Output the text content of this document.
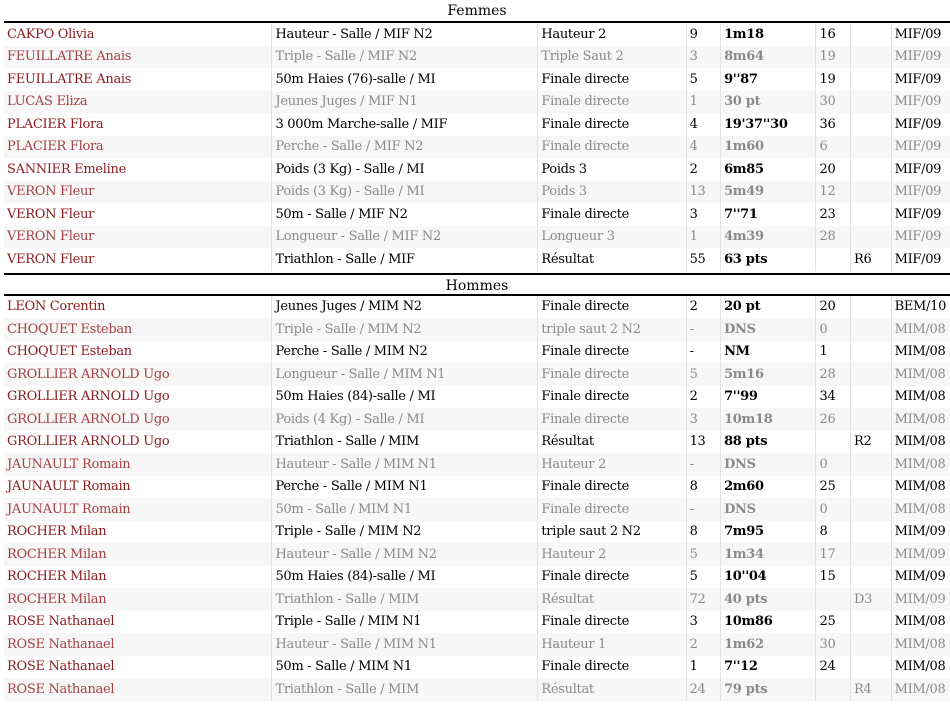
Femmes
CAKPO Olivia	Hauteur - Salle / MIF N2	Hauteur 2	9	1m18	16		MIF/09
FEUILLATRE Anais	Triple - Salle / MIF N2	Triple Saut 2	3	8m64	19		MIF/09
FEUILLATRE Anais	50m Haies (76)-salle / MI	Finale directe	5	9''87	19		MIF/09
LUCAS Eliza	Jeunes Juges / MIF N1	Finale directe	1	30 pt	30		MIF/09
PLACIER Flora	3 000m Marche-salle / MIF	Finale directe	4	19'37''30	36		MIF/09
PLACIER Flora	Perche - Salle / MIF N2	Finale directe	4	1m60	6		MIF/09
SANNIER Emeline	Poids (3 Kg) - Salle / MI	Poids 3	2	6m85	20		MIF/09
VERON Fleur	Poids (3 Kg) - Salle / MI	Poids 3	13	5m49	12		MIF/09
VERON Fleur	50m - Salle / MIF N2	Finale directe	3	7''71	23		MIF/09
VERON Fleur	Longueur - Salle / MIF N2	Longueur 3	1	4m39	28		MIF/09
VERON Fleur	Triathlon - Salle / MIF	Résultat	55	63 pts		R6	MIF/09
Hommes
LEON Corentin	Jeunes Juges / MIM N2	Finale directe	2	20 pt	20		BEM/10
CHOQUET Esteban	Triple - Salle / MIM N2	triple saut 2 N2	-	DNS	0		MIM/08
CHOQUET Esteban	Perche - Salle / MIM N2	Finale directe	-	NM	1		MIM/08
GROLLIER ARNOLD Ugo	Longueur - Salle / MIM N1	Finale directe	5	5m16	28		MIM/08
GROLLIER ARNOLD Ugo	50m Haies (84)-salle / MI	Finale directe	2	7''99	34		MIM/08
GROLLIER ARNOLD Ugo	Poids (4 Kg) - Salle / MI	Finale directe	3	10m18	26		MIM/08
GROLLIER ARNOLD Ugo	Triathlon - Salle / MIM	Résultat	13	88 pts		R2	MIM/08
JAUNAULT Romain	Hauteur - Salle / MIM N1	Hauteur 2	-	DNS	0		MIM/08
JAUNAULT Romain	Perche - Salle / MIM N1	Finale directe	8	2m60	25		MIM/08
JAUNAULT Romain	50m - Salle / MIM N1	Finale directe	-	DNS	0		MIM/08
ROCHER Milan	Triple - Salle / MIM N2	triple saut 2 N2	8	7m95	8		MIM/09
ROCHER Milan	Hauteur - Salle / MIM N2	Hauteur 2	5	1m34	17		MIM/09
ROCHER Milan	50m Haies (84)-salle / MI	Finale directe	5	10''04	15		MIM/09
ROCHER Milan	Triathlon - Salle / MIM	Résultat	72	40 pts		D3	MIM/09
ROSE Nathanael	Triple - Salle / MIM N1	Finale directe	3	10m86	25		MIM/08
ROSE Nathanael	Hauteur - Salle / MIM N1	Hauteur 1	2	1m62	30		MIM/08
ROSE Nathanael	50m - Salle / MIM N1	Finale directe	1	7''12	24		MIM/08
ROSE Nathanael	Triathlon - Salle / MIM	Résultat	24	79 pts		R4	MIM/08
